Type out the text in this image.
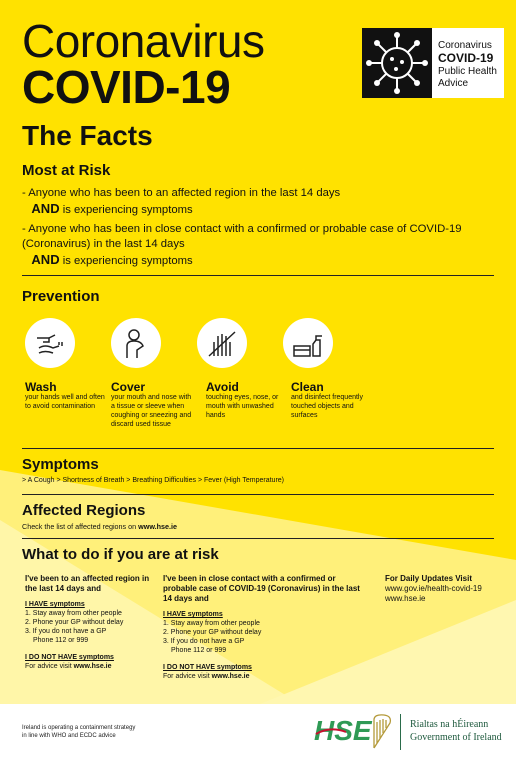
Coronavirus
COVID-19
The Facts
Coronavirus
COVID-19
Public Health
Advice
Most at Risk
- Anyone who has been to an affected region in the last 14 days
AND is experiencing symptoms
- Anyone who has been in close contact with a confirmed or probable case of COVID-19 (Coronavirus) in the last 14 days
AND is experiencing symptoms
Prevention
Wash
your hands well and often to avoid contamination
Cover
your mouth and nose with a tissue or sleeve when coughing or sneezing and discard used tissue
Avoid
touching eyes, nose, or mouth with unwashed hands
Clean
and disinfect frequently touched objects and surfaces
Symptoms
> A Cough > Shortness of Breath > Breathing Difficulties > Fever (High Temperature)
Affected Regions
Check the list of affected regions on www.hse.ie
What to do if you are at risk
I've been to an affected region in the last 14 days and

I HAVE symptoms

1. Stay away from other people

2. Phone your GP without delay

3. If you do not have a GP

Phone 112 or 999

I DO NOT HAVE symptoms

For advice visit www.hse.ie

I've been in close contact with a confirmed or probable case of COVID-19 (Coronavirus) in the last 14 days and

I HAVE symptoms

1. Stay away from other people

2. Phone your GP without delay

3. If you do not have a GP

Phone 112 or 999

I DO NOT HAVE symptoms

For advice visit www.hse.ie

For Daily Updates Visit
www.gov.ie/health-covid-19
www.hse.ie
Ireland is operating a containment strategy
in line with WHO and ECDC advice	HSE	Rialtas na hÉireann
Government of Ireland
